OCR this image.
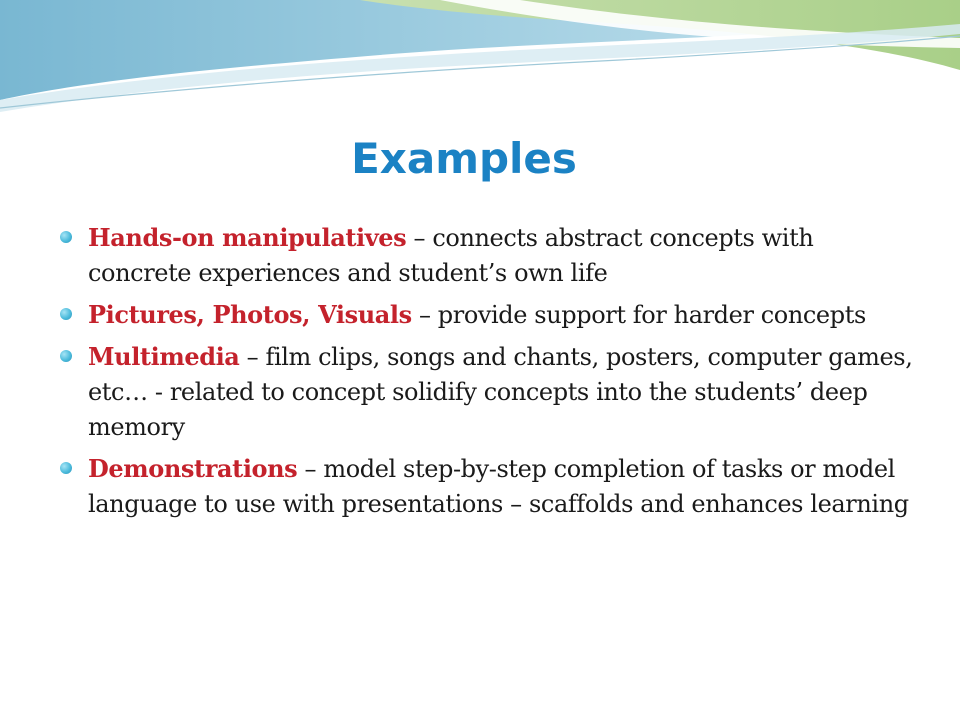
Examples
Hands-on manipulatives – connects abstract concepts with concrete experiences and student’s own life
Pictures, Photos, Visuals – provide support for harder concepts
Multimedia – film clips, songs and chants, posters, computer games, etc… - related to concept solidify concepts into the students’ deep memory
Demonstrations – model step-by-step completion of tasks or model language to use with presentations – scaffolds and enhances learning
